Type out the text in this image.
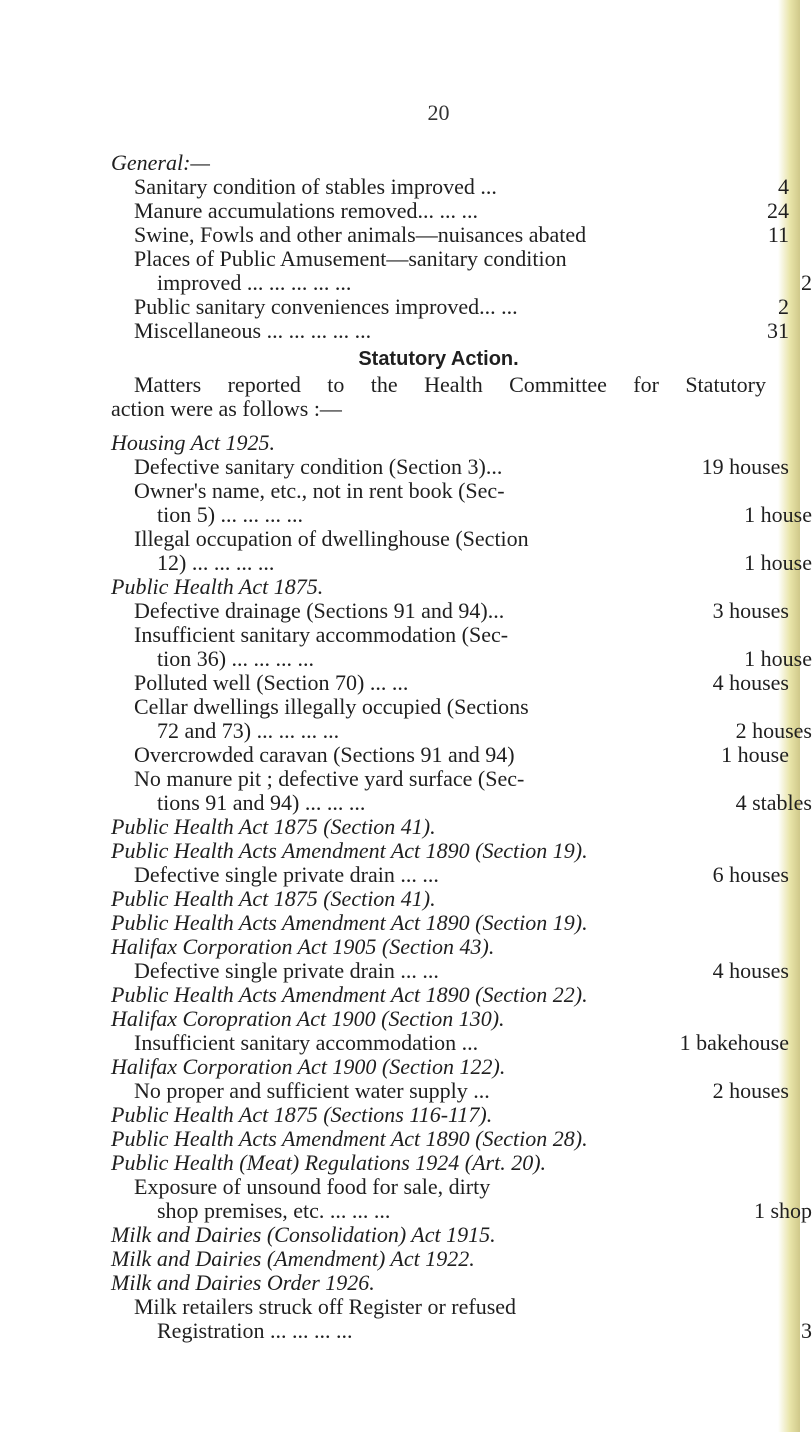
20
General:—
Sanitary condition of stables improved ...	4
Manure accumulations removed... ... ...	24
Swine, Fowls and other animals—nuisances abated	11
Places of Public Amusement—sanitary condition
improved ... ... ... ... ...	2
Public sanitary conveniences improved... ...	2
Miscellaneous ... ... ... ... ...	31
Statutory Action.
Matters reported to the Health Committee for Statutory
action were as follows :—
Housing Act 1925.
Defective sanitary condition (Section 3)...	19 houses
Owner's name, etc., not in rent book (Sec-
tion 5) ... ... ... ...	1 house
Illegal occupation of dwellinghouse (Section
12) ... ... ... ...	1 house
Public Health Act 1875.
Defective drainage (Sections 91 and 94)...	3 houses
Insufficient sanitary accommodation (Sec-
tion 36) ... ... ... ...	1 house
Polluted well (Section 70) ... ...	4 houses
Cellar dwellings illegally occupied (Sections
72 and 73) ... ... ... ...	2 houses
Overcrowded caravan (Sections 91 and 94)	1 house
No manure pit ; defective yard surface (Sec-
tions 91 and 94) ... ... ...	4 stables
Public Health Act 1875 (Section 41).
Public Health Acts Amendment Act 1890 (Section 19).
Defective single private drain ... ...	6 houses
Public Health Act 1875 (Section 41).
Public Health Acts Amendment Act 1890 (Section 19).
Halifax Corporation Act 1905 (Section 43).
Defective single private drain ... ...	4 houses
Public Health Acts Amendment Act 1890 (Section 22).
Halifax Coropration Act 1900 (Section 130).
Insufficient sanitary accommodation ...	1 bakehouse
Halifax Corporation Act 1900 (Section 122).
No proper and sufficient water supply ...	2 houses
Public Health Act 1875 (Sections 116-117).
Public Health Acts Amendment Act 1890 (Section 28).
Public Health (Meat) Regulations 1924 (Art. 20).
Exposure of unsound food for sale, dirty
shop premises, etc. ... ... ...	1 shop
Milk and Dairies (Consolidation) Act 1915.
Milk and Dairies (Amendment) Act 1922.
Milk and Dairies Order 1926.
Milk retailers struck off Register or refused
Registration ... ... ... ...	3
